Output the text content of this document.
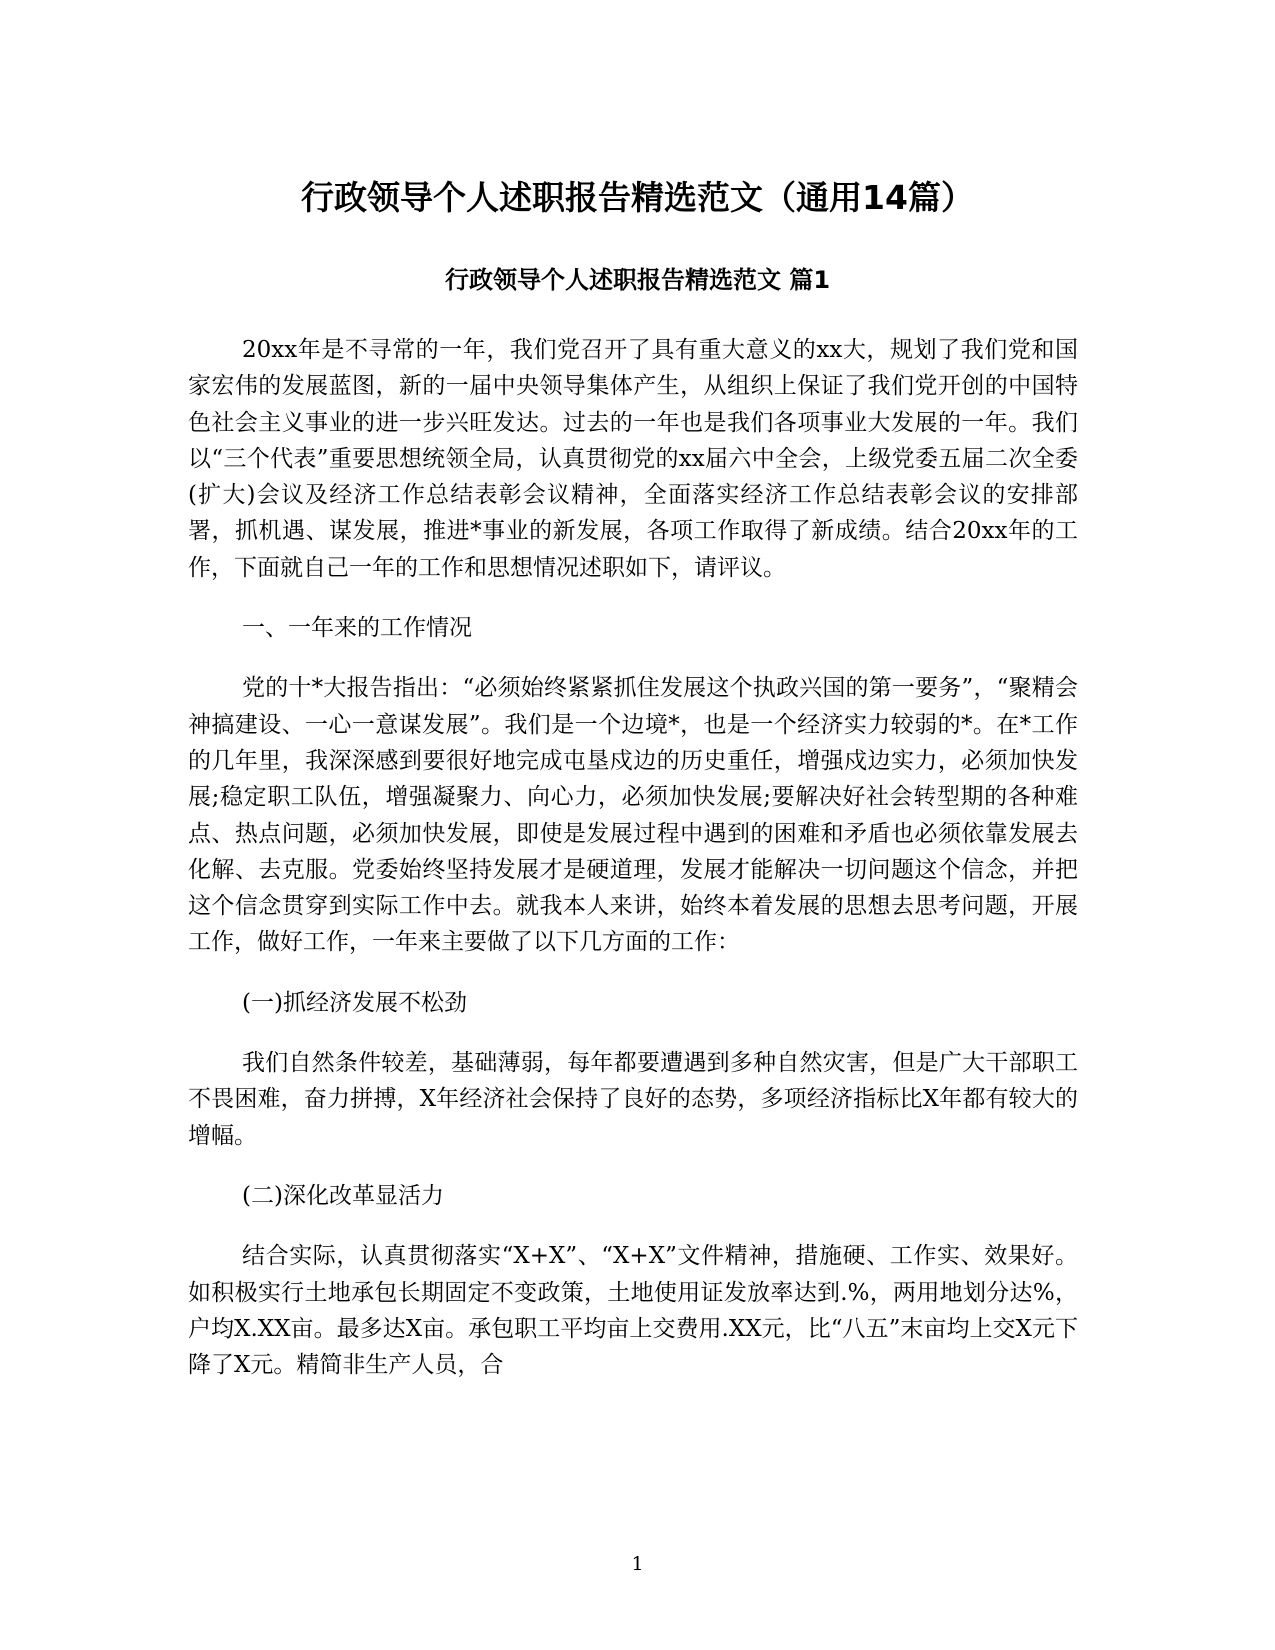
行政领导个人述职报告精选范文（通用14篇）
行政领导个人述职报告精选范文 篇1

20xx年是不寻常的一年，我们党召开了具有重大意义的xx大，规划了我们党和国家宏伟的发展蓝图，新的一届中央领导集体产生，从组织上保证了我们党开创的中国特色社会主义事业的进一步兴旺发达。过去的一年也是我们各项事业大发展的一年。我们以“三个代表”重要思想统领全局，认真贯彻党的xx届六中全会，上级党委五届二次全委(扩大)会议及经济工作总结表彰会议精神，全面落实经济工作总结表彰会议的安排部署，抓机遇、谋发展，推进*事业的新发展，各项工作取得了新成绩。结合20xx年的工作，下面就自己一年的工作和思想情况述职如下，请评议。

一、一年来的工作情况

党的十*大报告指出：“必须始终紧紧抓住发展这个执政兴国的第一要务”，“聚精会神搞建设、一心一意谋发展”。我们是一个边境*，也是一个经济实力较弱的*。在*工作的几年里，我深深感到要很好地完成屯垦戍边的历史重任，增强戍边实力，必须加快发展;稳定职工队伍，增强凝聚力、向心力，必须加快发展;要解决好社会转型期的各种难点、热点问题，必须加快发展，即使是发展过程中遇到的困难和矛盾也必须依靠发展去化解、去克服。党委始终坚持发展才是硬道理，发展才能解决一切问题这个信念，并把这个信念贯穿到实际工作中去。就我本人来讲，始终本着发展的思想去思考问题，开展工作，做好工作，一年来主要做了以下几方面的工作：

(一)抓经济发展不松劲

我们自然条件较差，基础薄弱，每年都要遭遇到多种自然灾害，但是广大干部职工不畏困难，奋力拼搏，X年经济社会保持了良好的态势，多项经济指标比X年都有较大的增幅。

(二)深化改革显活力

结合实际，认真贯彻落实“X+X”、“X+X”文件精神，措施硬、工作实、效果好。如积极实行土地承包长期固定不变政策，土地使用证发放率达到.%，两用地划分达%，户均X.XX亩。最多达X亩。承包职工平均亩上交费用.XX元，比“八五”末亩均上交X元下降了X元。精简非生产人员，合

1
